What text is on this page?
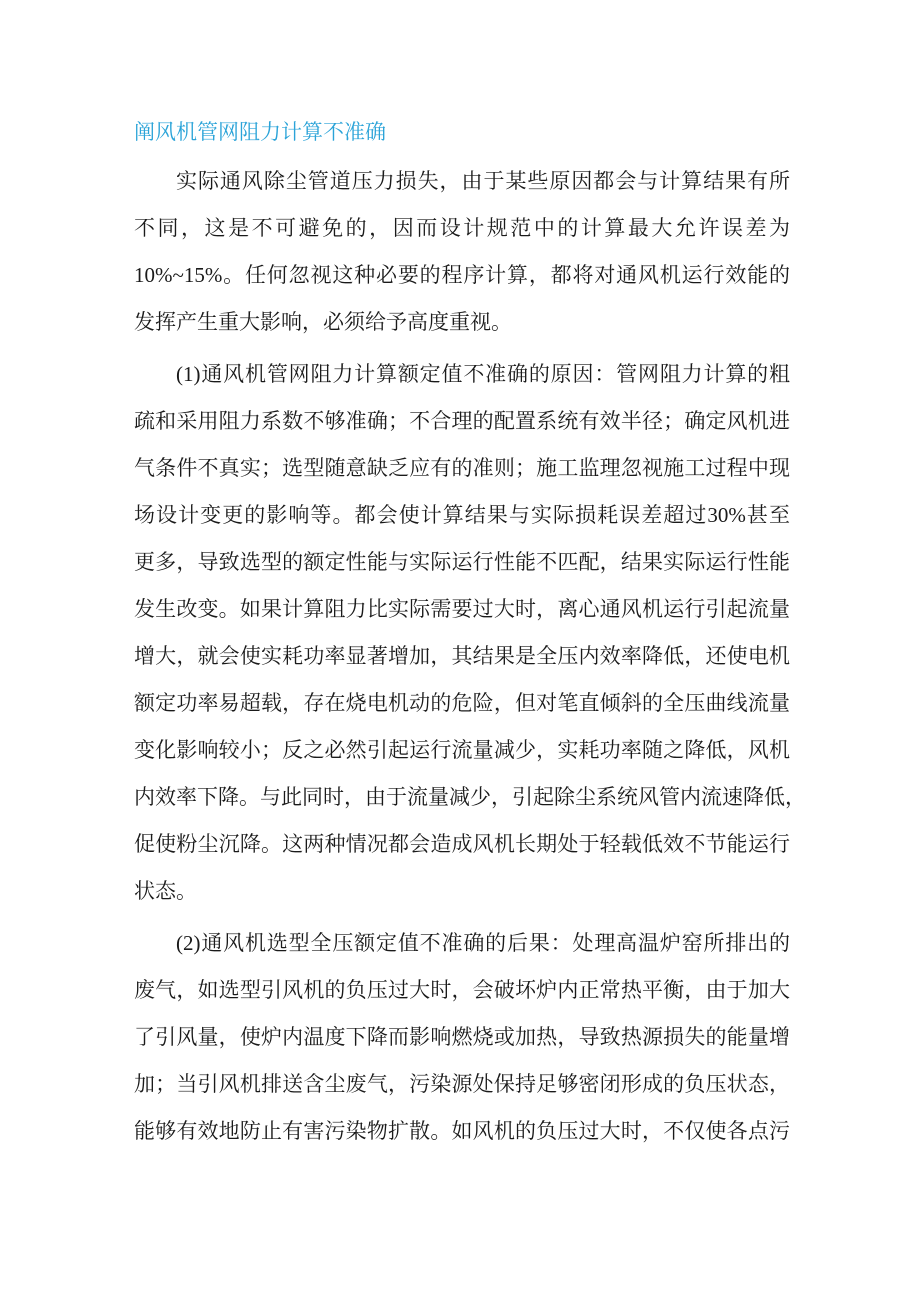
阐风机管网阻力计算不准确

实际通风除尘管道压力损失，由于某些原因都会与计算结果有所

不同，这是不可避免的，因而设计规范中的计算最大允许误差为

10%~15%。任何忽视这种必要的程序计算，都将对通风机运行效能的

发挥产生重大影响，必须给予高度重视。

(1)通风机管网阻力计算额定值不准确的原因：管网阻力计算的粗

疏和采用阻力系数不够准确；不合理的配置系统有效半径；确定风机进

气条件不真实；选型随意缺乏应有的准则；施工监理忽视施工过程中现

场设计变更的影响等。都会使计算结果与实际损耗误差超过30%甚至

更多，导致选型的额定性能与实际运行性能不匹配，结果实际运行性能

发生改变。如果计算阻力比实际需要过大时，离心通风机运行引起流量

增大，就会使实耗功率显著增加，其结果是全压内效率降低，还使电机

额定功率易超载，存在烧电机动的危险，但对笔直倾斜的全压曲线流量

变化影响较小；反之必然引起运行流量减少，实耗功率随之降低，风机

内效率下降。与此同时，由于流量减少，引起除尘系统风管内流速降低，

促使粉尘沉降。这两种情况都会造成风机长期处于轻载低效不节能运行

状态。

(2)通风机选型全压额定值不准确的后果：处理高温炉窑所排出的

废气，如选型引风机的负压过大时，会破坏炉内正常热平衡，由于加大

了引风量，使炉内温度下降而影响燃烧或加热，导致热源损失的能量增

加；当引风机排送含尘废气，污染源处保持足够密闭形成的负压状态，

能够有效地防止有害污染物扩散。如风机的负压过大时，不仅使各点污
